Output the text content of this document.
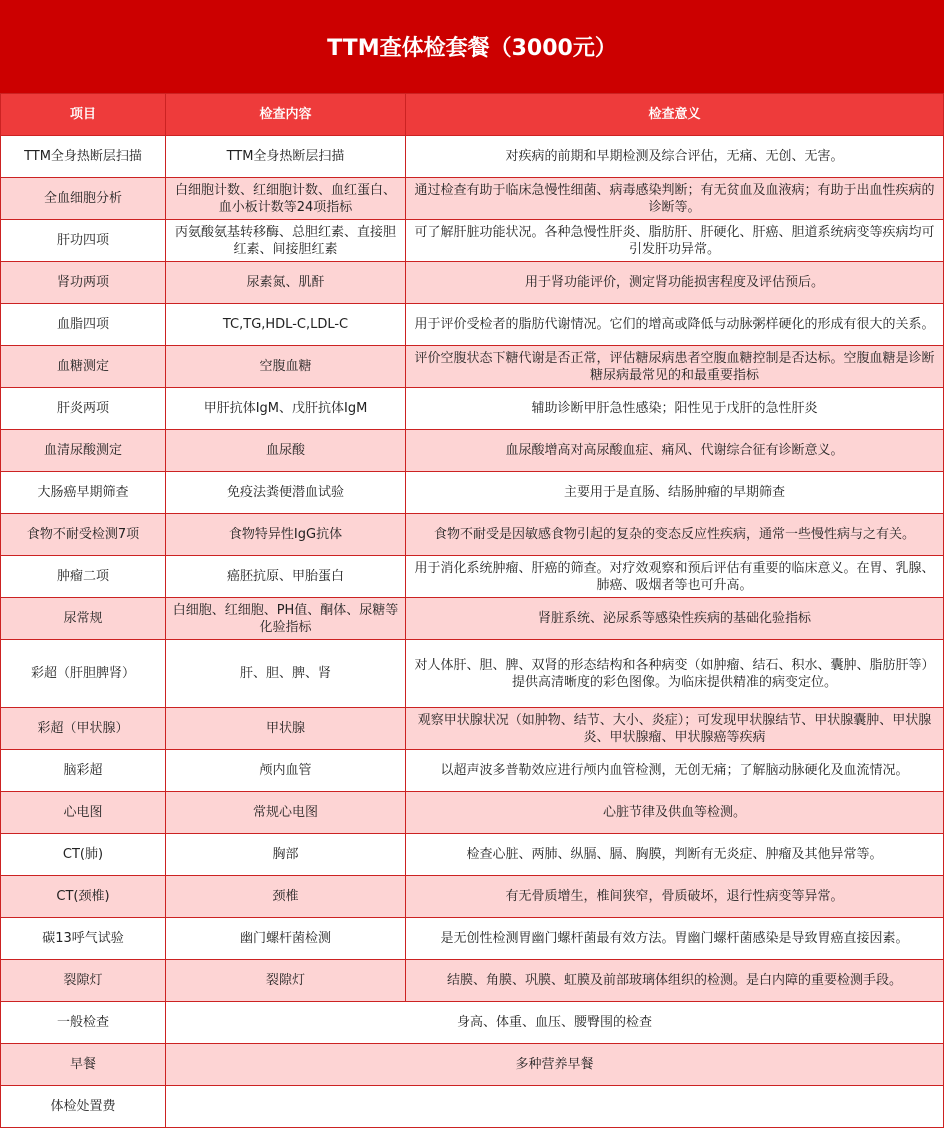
TTM查体检套餐（3000元）
项目	检查内容	检查意义
TTM全身热断层扫描	TTM全身热断层扫描	对疾病的前期和早期检测及综合评估，无痛、无创、无害。
全血细胞分析	白细胞计数、红细胞计数、血红蛋白、血小板计数等24项指标	通过检查有助于临床急慢性细菌、病毒感染判断；有无贫血及血液病；有助于出血性疾病的诊断等。
肝功四项	丙氨酸氨基转移酶、总胆红素、直接胆红素、间接胆红素	可了解肝脏功能状况。各种急慢性肝炎、脂肪肝、肝硬化、肝癌、胆道系统病变等疾病均可引发肝功异常。
肾功两项	尿素氮、肌酐	用于肾功能评价，测定肾功能损害程度及评估预后。
血脂四项	TC,TG,HDL-C,LDL-C	用于评价受检者的脂肪代谢情况。它们的增高或降低与动脉粥样硬化的形成有很大的关系。
血糖测定	空腹血糖	评价空腹状态下糖代谢是否正常，评估糖尿病患者空腹血糖控制是否达标。空腹血糖是诊断糖尿病最常见的和最重要指标
肝炎两项	甲肝抗体IgM、戊肝抗体IgM	辅助诊断甲肝急性感染；阳性见于戊肝的急性肝炎
血清尿酸测定	血尿酸	血尿酸增高对高尿酸血症、痛风、代谢综合征有诊断意义。
大肠癌早期筛查	免疫法粪便潜血试验	主要用于是直肠、结肠肿瘤的早期筛查
食物不耐受检测7项	食物特异性IgG抗体	食物不耐受是因敏感食物引起的复杂的变态反应性疾病，通常一些慢性病与之有关。
肿瘤二项	癌胚抗原、甲胎蛋白	用于消化系统肿瘤、肝癌的筛查。对疗效观察和预后评估有重要的临床意义。在胃、乳腺、肺癌、吸烟者等也可升高。
尿常规	白细胞、红细胞、PH值、酮体、尿糖等化验指标	肾脏系统、泌尿系等感染性疾病的基础化验指标
彩超（肝胆脾肾）	肝、胆、脾、肾	对人体肝、胆、脾、双肾的形态结构和各种病变（如肿瘤、结石、积水、囊肿、脂肪肝等）提供高清晰度的彩色图像。为临床提供精准的病变定位。
彩超（甲状腺）	甲状腺	观察甲状腺状况（如肿物、结节、大小、炎症）；可发现甲状腺结节、甲状腺囊肿、甲状腺炎、甲状腺瘤、甲状腺癌等疾病
脑彩超	颅内血管	以超声波多普勒效应进行颅内血管检测，无创无痛；了解脑动脉硬化及血流情况。
心电图	常规心电图	心脏节律及供血等检测。
CT(肺)	胸部	检查心脏、两肺、纵膈、膈、胸膜，判断有无炎症、肿瘤及其他异常等。
CT(颈椎)	颈椎	有无骨质增生，椎间狭窄，骨质破坏，退行性病变等异常。
碳13呼气试验	幽门螺杆菌检测	是无创性检测胃幽门螺杆菌最有效方法。胃幽门螺杆菌感染是导致胃癌直接因素。
裂隙灯	裂隙灯	结膜、角膜、巩膜、虹膜及前部玻璃体组织的检测。是白内障的重要检测手段。
一般检查	身高、体重、血压、腰臀围的检查	
早餐	多种营养早餐	
体检处置费		
